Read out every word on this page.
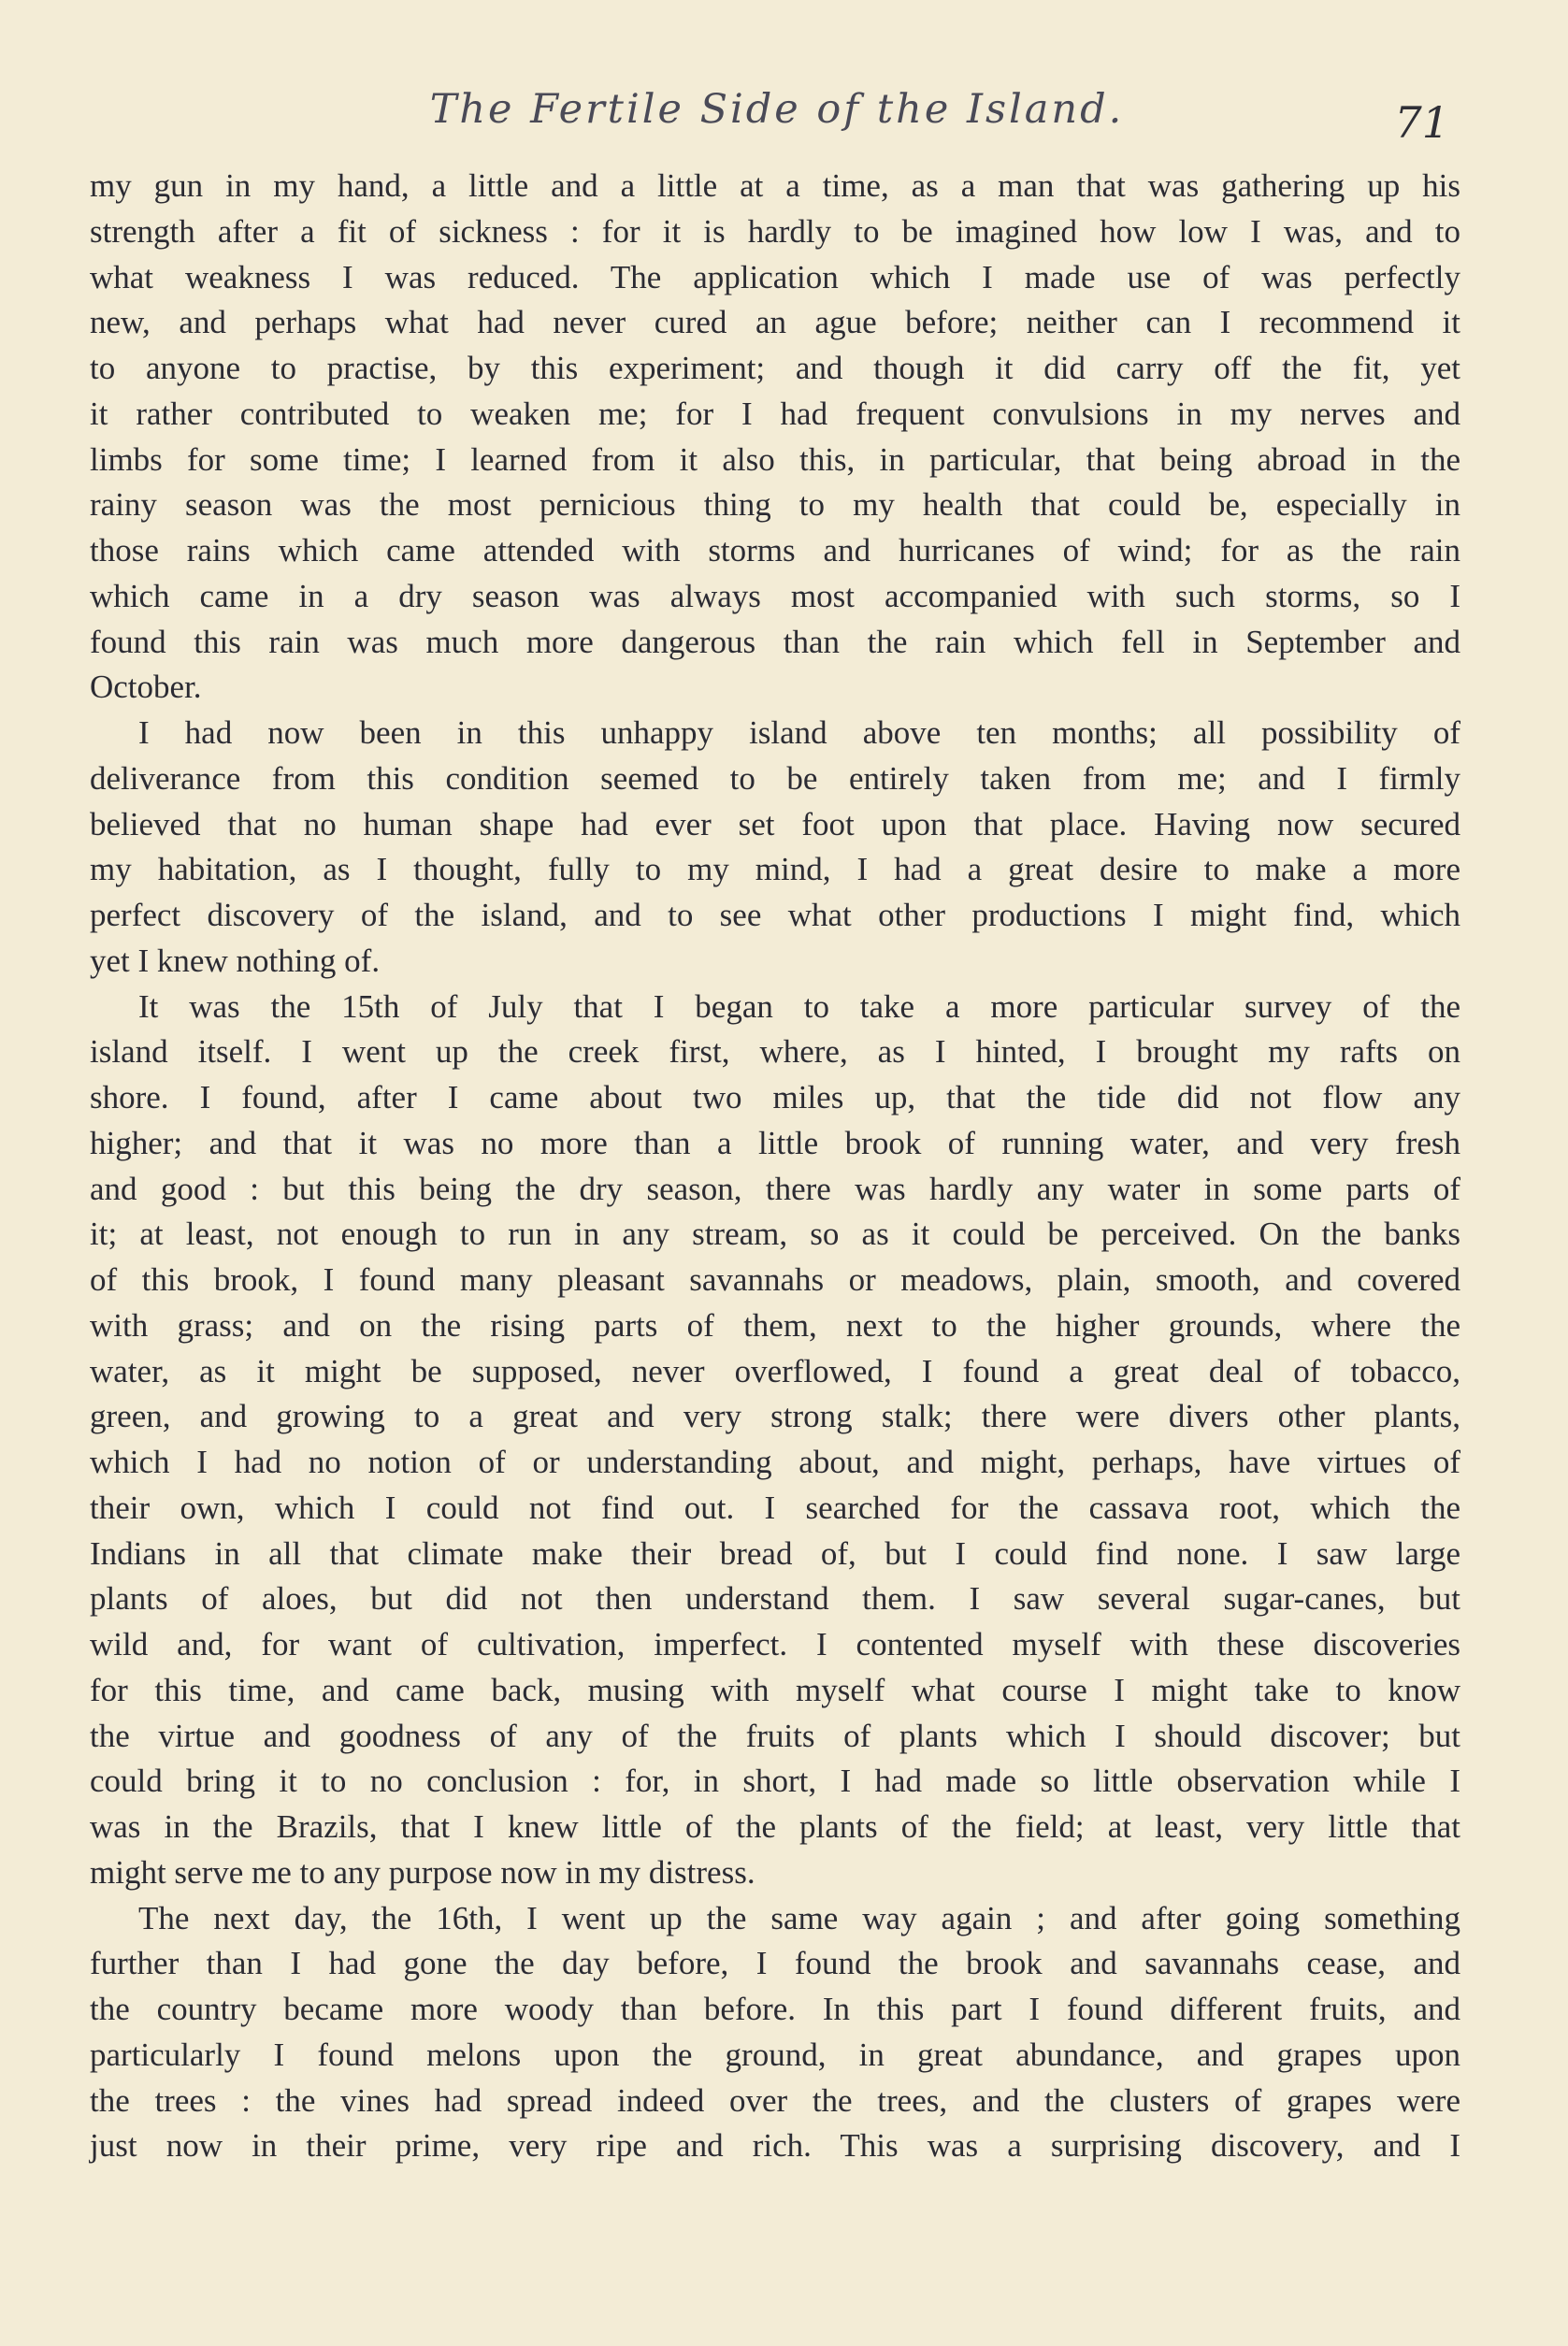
The Fertile Side of the Island.	71
my gun in my hand, a little and a little at a time, as a man that was gathering up his
strength after a fit of sickness : for it is hardly to be imagined how low I was, and to
what weakness I was reduced. The application which I made use of was perfectly
new, and perhaps what had never cured an ague before; neither can I recommend it
to anyone to practise, by this experiment; and though it did carry off the fit, yet
it rather contributed to weaken me; for I had frequent convulsions in my nerves and
limbs for some time; I learned from it also this, in particular, that being abroad in the
rainy season was the most pernicious thing to my health that could be, especially in
those rains which came attended with storms and hurricanes of wind; for as the rain
which came in a dry season was always most accompanied with such storms, so I
found this rain was much more dangerous than the rain which fell in September and
October.
I had now been in this unhappy island above ten months; all possibility of
deliverance from this condition seemed to be entirely taken from me; and I firmly
believed that no human shape had ever set foot upon that place. Having now secured
my habitation, as I thought, fully to my mind, I had a great desire to make a more
perfect discovery of the island, and to see what other productions I might find, which
yet I knew nothing of.
It was the 15th of July that I began to take a more particular survey of the
island itself. I went up the creek first, where, as I hinted, I brought my rafts on
shore. I found, after I came about two miles up, that the tide did not flow any
higher; and that it was no more than a little brook of running water, and very fresh
and good : but this being the dry season, there was hardly any water in some parts of
it; at least, not enough to run in any stream, so as it could be perceived. On the banks
of this brook, I found many pleasant savannahs or meadows, plain, smooth, and covered
with grass; and on the rising parts of them, next to the higher grounds, where the
water, as it might be supposed, never overflowed, I found a great deal of tobacco,
green, and growing to a great and very strong stalk; there were divers other plants,
which I had no notion of or understanding about, and might, perhaps, have virtues of
their own, which I could not find out. I searched for the cassava root, which the
Indians in all that climate make their bread of, but I could find none. I saw large
plants of aloes, but did not then understand them. I saw several sugar-canes, but
wild and, for want of cultivation, imperfect. I contented myself with these discoveries
for this time, and came back, musing with myself what course I might take to know
the virtue and goodness of any of the fruits of plants which I should discover; but
could bring it to no conclusion : for, in short, I had made so little observation while I
was in the Brazils, that I knew little of the plants of the field; at least, very little that
might serve me to any purpose now in my distress.
The next day, the 16th, I went up the same way again ; and after going something
further than I had gone the day before, I found the brook and savannahs cease, and
the country became more woody than before. In this part I found different fruits, and
particularly I found melons upon the ground, in great abundance, and grapes upon
the trees : the vines had spread indeed over the trees, and the clusters of grapes were
just now in their prime, very ripe and rich. This was a surprising discovery, and I
